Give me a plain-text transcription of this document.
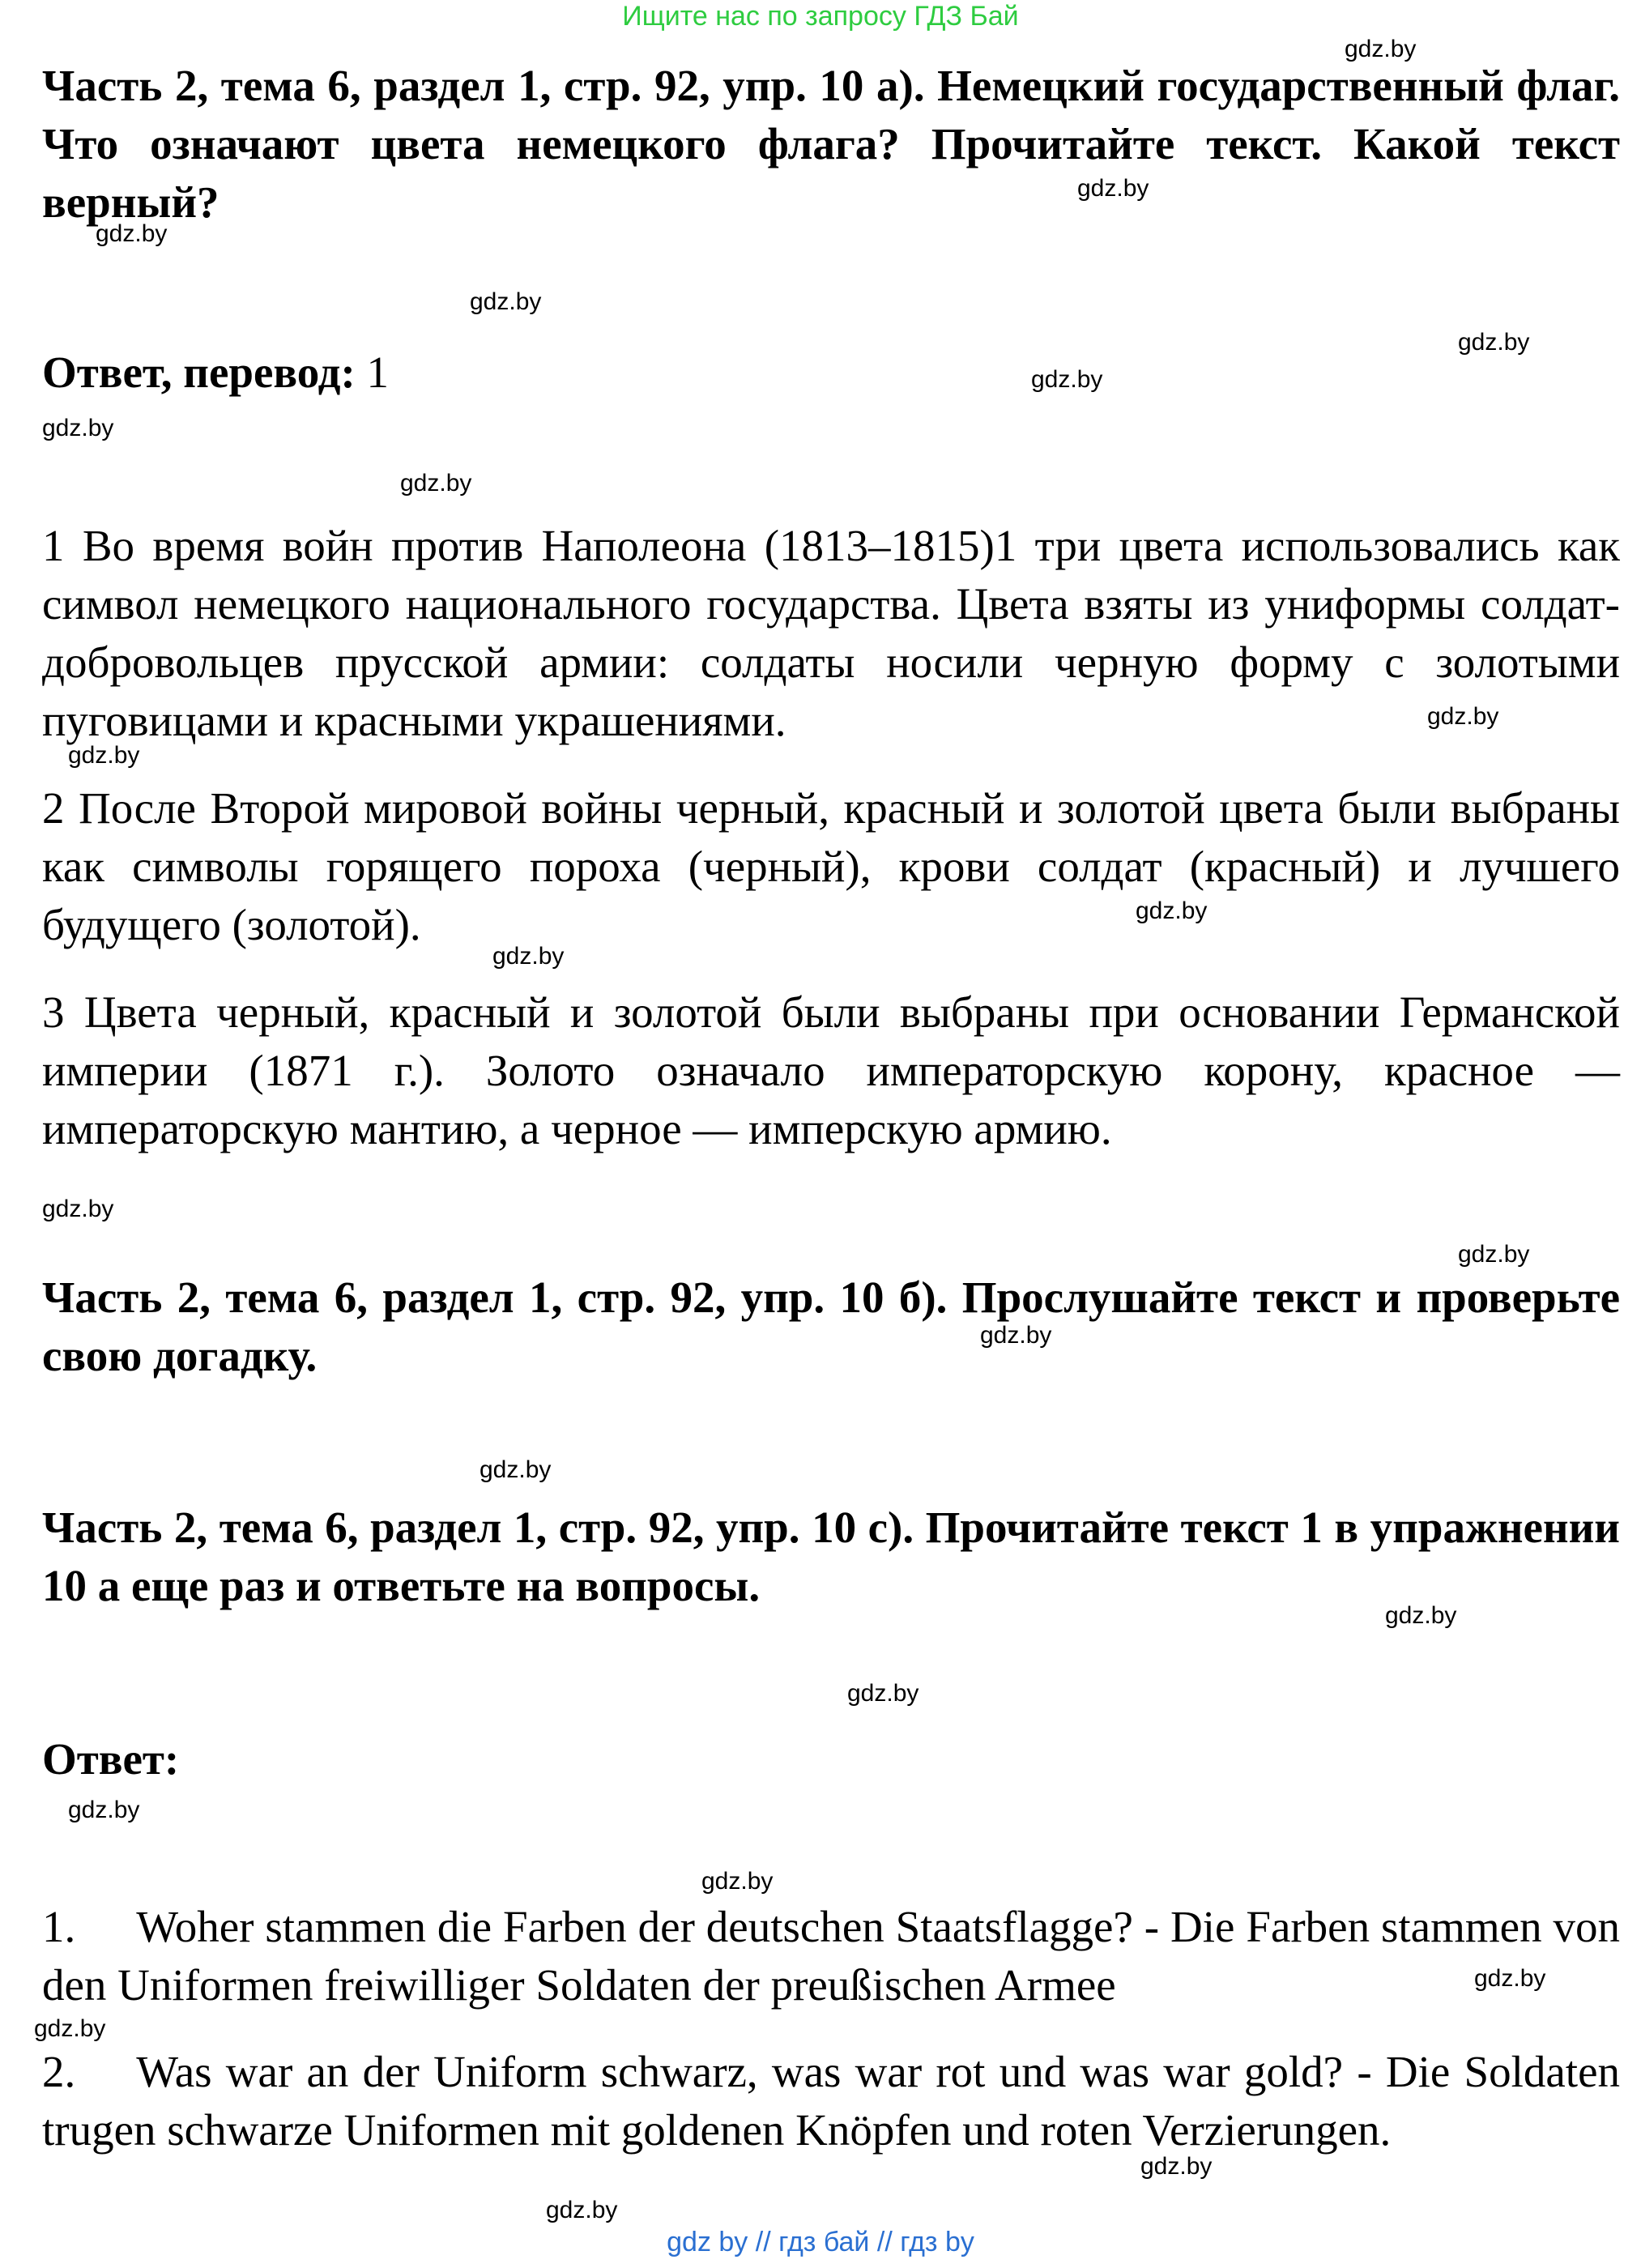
Ищите нас по запросу ГДЗ Бай

Часть 2, тема 6, раздел 1, стр. 92, упр. 10 а). Немецкий государственный флаг. Что означают цвета немецкого флага? Прочитайте текст. Какой текст верный?

Ответ, перевод: 1

1 Во время войн против Наполеона (1813–1815)1 три цвета использовались как символ немецкого национального государства. Цвета взяты из униформы солдат-добровольцев прусской армии: солдаты носили черную форму с золотыми пуговицами и красными украшениями.

2 После Второй мировой войны черный, красный и золотой цвета были выбраны как символы горящего пороха (черный), крови солдат (красный) и лучшего будущего (золотой).

3 Цвета черный, красный и золотой были выбраны при основании Германской империи (1871 г.). Золото означало императорскую корону, красное — императорскую мантию, а черное — имперскую армию.

Часть 2, тема 6, раздел 1, стр. 92, упр. 10 б). Прослушайте текст и проверьте свою догадку.

Часть 2, тема 6, раздел 1, стр. 92, упр. 10 с). Прочитайте текст 1 в упражнении 10 а еще раз и ответьте на вопросы.

Ответ:

1. Woher stammen die Farben der deutschen Staatsflagge? - Die Farben stammen von den Uniformen freiwilliger Soldaten der preußischen Armee

2. Was war an der Uniform schwarz, was war rot und was war gold? - Die Soldaten trugen schwarze Uniformen mit goldenen Knöpfen und roten Verzierungen.

gdz.by
gdz.by
gdz.by
gdz.by
gdz.by
gdz.by
gdz.by
gdz.by
gdz.by
gdz.by
gdz.by
gdz.by
gdz.by
gdz.by
gdz.by
gdz.by
gdz.by
gdz.by
gdz.by
gdz.by
gdz.by
gdz.by
gdz.by
gdz.by
gdz by // гдз бай // гдз by
